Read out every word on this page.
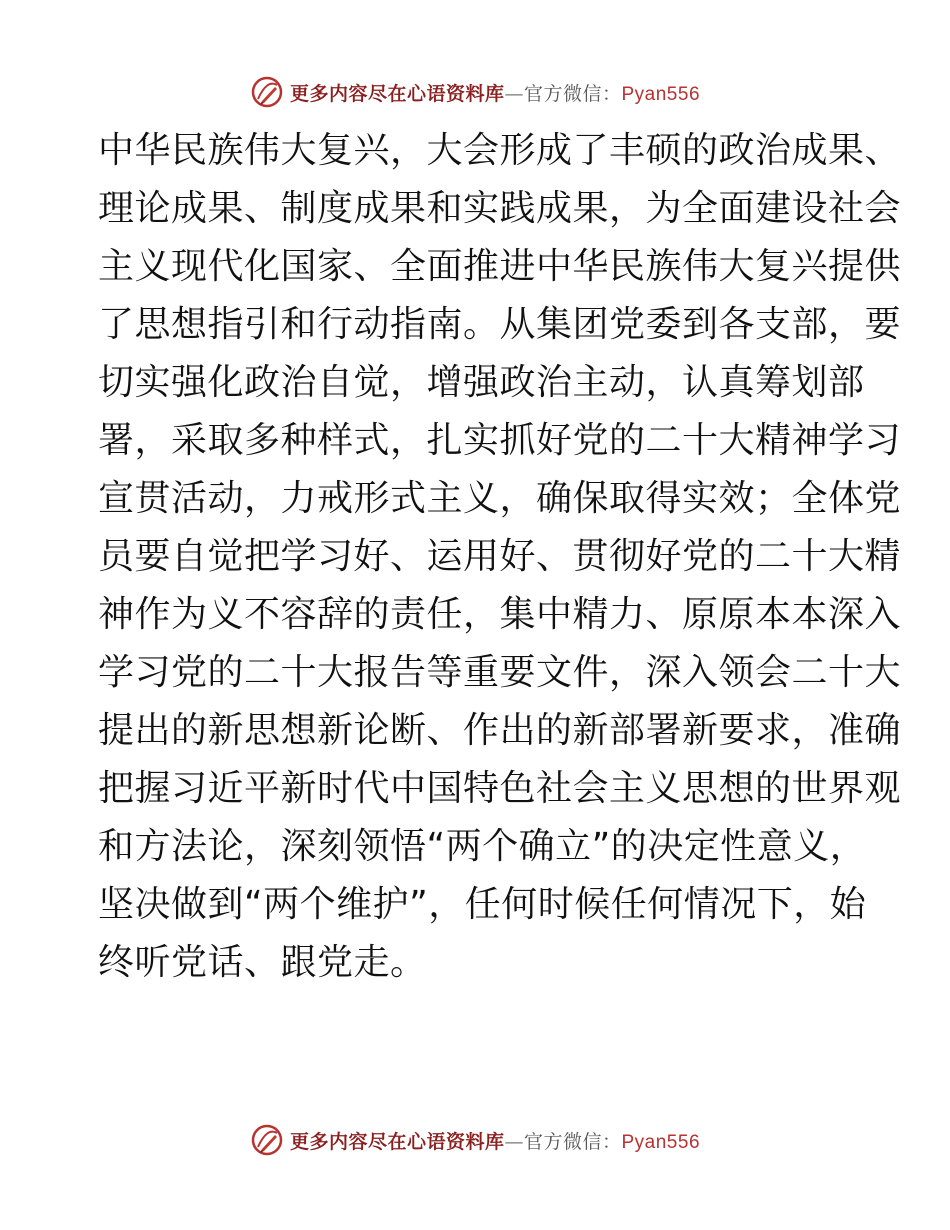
更多内容尽在心语资料库—官方微信：Pyan556
中华民族伟大复兴，大会形成了丰硕的政治成果、
理论成果、制度成果和实践成果，为全面建设社会
主义现代化国家、全面推进中华民族伟大复兴提供
了思想指引和行动指南。从集团党委到各支部，要
切实强化政治自觉，增强政治主动，认真筹划部
署，采取多种样式，扎实抓好党的二十大精神学习
宣贯活动，力戒形式主义，确保取得实效；全体党
员要自觉把学习好、运用好、贯彻好党的二十大精
神作为义不容辞的责任，集中精力、原原本本深入
学习党的二十大报告等重要文件，深入领会二十大
提出的新思想新论断、作出的新部署新要求，准确
把握习近平新时代中国特色社会主义思想的世界观
和方法论，深刻领悟“两个确立”的决定性意义，
坚决做到“两个维护”，任何时候任何情况下，始
终听党话、跟党走。
更多内容尽在心语资料库—官方微信：Pyan556
